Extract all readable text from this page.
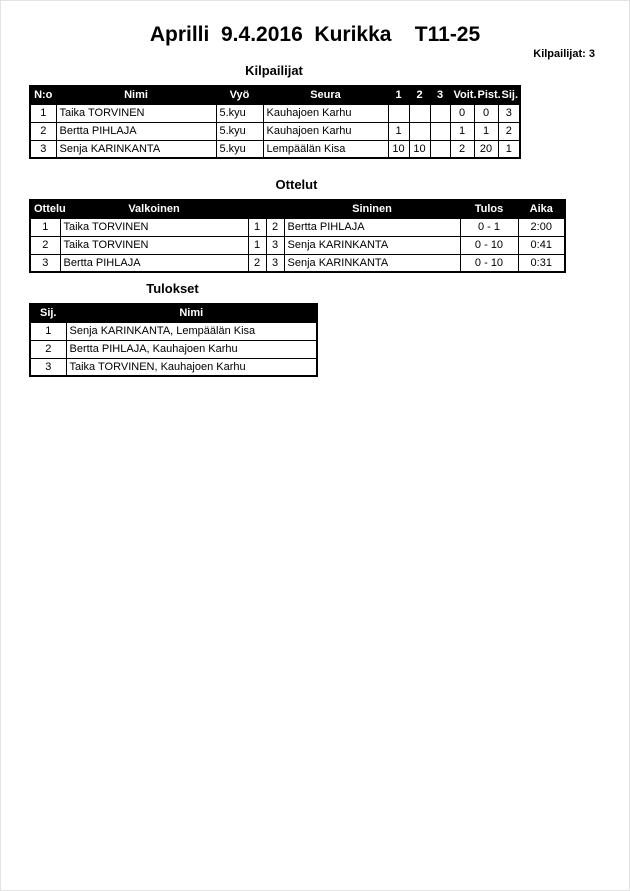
Aprilli  9.4.2016  Kurikka    T11-25
Kilpailijat: 3
Kilpailijat
N:o	Nimi	Vyö	Seura	1	2	3	Voit.	Pist.	Sij.
1	Taika TORVINEN	5.kyu	Kauhajoen Karhu				0	0	3
2	Bertta PIHLAJA	5.kyu	Kauhajoen Karhu	1			1	1	2
3	Senja KARINKANTA	5.kyu	Lempäälän Kisa	10	10		2	20	1
Ottelut
Ottelu	Valkoinen			Sininen	Tulos	Aika
1	Taika TORVINEN	1	2	Bertta PIHLAJA	0 - 1	2:00
2	Taika TORVINEN	1	3	Senja KARINKANTA	0 - 10	0:41
3	Bertta PIHLAJA	2	3	Senja KARINKANTA	0 - 10	0:31
Tulokset
Sij.	Nimi
1	Senja KARINKANTA, Lempäälän Kisa
2	Bertta PIHLAJA, Kauhajoen Karhu
3	Taika TORVINEN, Kauhajoen Karhu
